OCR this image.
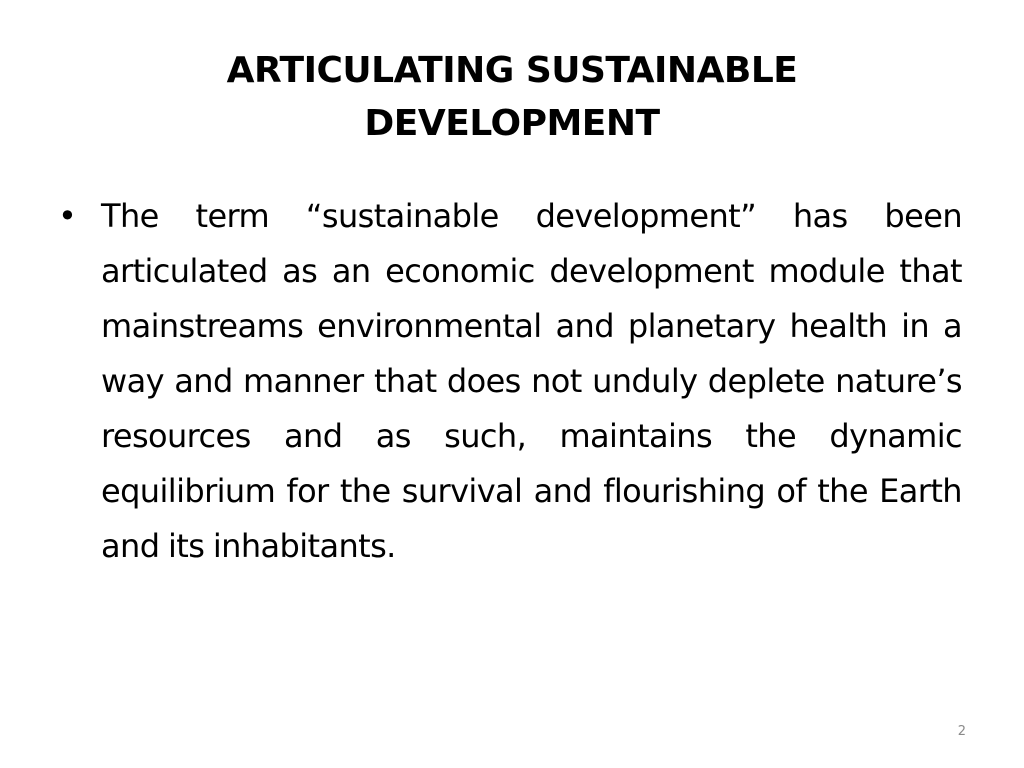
ARTICULATING SUSTAINABLE DEVELOPMENT
• The term “sustainable development” has been articulated as an economic development module that mainstreams environmental and planetary health in a way and manner that does not unduly deplete nature’s resources and as such, maintains the dynamic equilibrium for the survival and flourishing of the Earth and its inhabitants.
2
